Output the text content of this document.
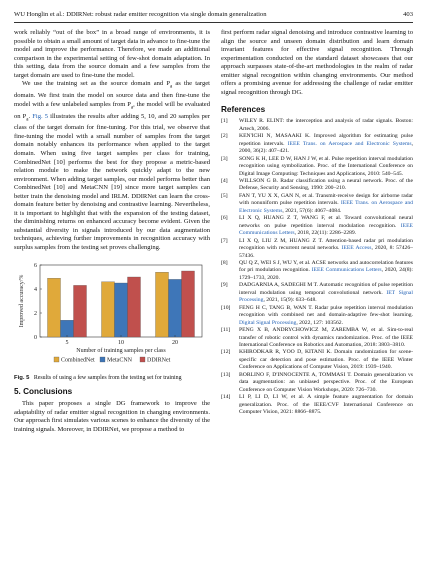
WU Honglin et al.: DDIRNet: robust radar emitter recognition via single domain generalization	403

work reliably “out of the box” in a broad range of environments, it is possible to obtain a small amount of target data in advance to fine-tune the model and improve the performance. Therefore, we made an additional comparison in the experimental setting of few-shot domain adaptation. In this setting, data from the source domain and a few samples from the target domain are used to fine-tune the model.

We use the training set as the source domain and $P_a$ as the target domain. We first train the model on source data and then fine-tune the model with a few unlabeled samples from $P_a$, the model will be evaluated on $P_a$. Fig. 5 illustrates the results after adding 5, 10, and 20 samples per class of the target domain for fine-tuning. For this trial, we observe that fine-tuning the model with a small number of samples from the target domain notably enhances its performance when applied to the target domain. When using five target samples per class for training, CombinedNet [10] performs the best for they propose a metric-based relation module to make the network quickly adapt to the new environment. When adding target samples, our model performs better than CombinedNet [10] and MetaCNN [19] since more target samples can better train the denoising model and IRLM. DDIRNet can learn the cross-domain feature better by denoising and contrastive learning. Nevertheless, it is important to highlight that with the expansion of the testing dataset, the diminishing returns on enhanced accuracy become evident. Given the substantial diversity in signals introduced by our data augmentation techniques, achieving further improvements in recognition accuracy with surplus samples from the testing set proves challenging.

0
2
4
6
Improved accuracy/%
5	10	20
Number of training samples per class
CombinedNet MetaCNN	DDIRNet
Fig. 5 Results of using a few samples from the testing set for training
5. Conclusions

This paper proposes a single DG framework to improve the adaptability of radar emitter signal recognition in changing environments. Our approach first simulates various scenes to enhance the diversity of the training signals. Moreover, in DDIRNet, we propose a method to

first perform radar signal denoising and introduce contrastive learning to align the source and unseen domain distribution and learn domain invariant features for effective signal recognition. Through experimentation conducted on the standard dataset showcases that our approach surpasses state-of-the-art methodologies in the realm of radar emitter signal recognition within changing environments. Our method offers a promising avenue for addressing the challenge of radar emitter signal recognition through DG.

References
[1] WILEY R. ELINT: the interception and analysis of radar signals. Boston: Artech, 2006.
[2] KEN'ICHI N, MASAAKI K. Improved algorithm for estimating pulse repetition intervals. IEEE Trans. on Aerospace and Electronic Systems, 2000, 36(2): 407–421.
[3] SONG K H, LEE D W, HAN J W, et al. Pulse repetition interval modulation recognition using symbolization. Proc. of the International Conference on Digital Image Computing: Techniques and Applications, 2010: 540–545.
[4] WILLSON G B. Radar classification using a neural network. Proc. of the Defense, Security and Sensing, 1990: 200–210.
[5] FAN T, YU X X, GAN N, et al. Transmit-receive design for airborne radar with nonuniform pulse repetition intervals. IEEE Trans. on Aerospace and Electronic Systems, 2021, 57(6): 4067–4084.
[6] LI X Q, HUANG Z T, WANG F, et al. Toward convolutional neural networks on pulse repetition interval modulation recognition. IEEE Communications Letters, 2018, 22(11): 2286–2289.
[7] LI X Q, LIU Z M, HUANG Z T. Attention-based radar pri modulation recognition with recurrent neural networks. IEEE Access, 2020, 8: 57426–57436.
[8] QU Q Z, WEI S J, WU Y, et al. ACSE networks and autocorrelation features for pri modulation recognition. IEEE Communications Letters, 2020, 24(8): 1729–1733, 2020.
[9] DADGARNIA A, SADEGHI M T. Automatic recognition of pulse repetition interval modulation using temporal convolutional network. IET Signal Processing, 2021, 15(9): 633–648.
[10] FENG H C, TANG B, WAN T. Radar pulse repetition interval modulation recognition with combined net and domain-adaptive few-shot learning. Digital Signal Processing, 2022, 127: 103562.
[11] PENG X B, ANDRYCHOWICZ M, ZAREMBA W, et al. Sim-to-real transfer of robotic control with dynamics randomization. Proc. of the IEEE International Conference on Robotics and Automation, 2018: 3803–3810.
[12] KHIRODKAR R, YOO D, KITANI K. Domain randomization for scene-specific car detection and pose estimation. Proc. of the IEEE Winter Conference on Applications of Computer Vision, 2019: 1939–1940.
[13] BORLINO F, D'INNOCENTE A, TOMMASI T. Domain generalization vs data augmentation: an unbiased perspective. Proc. of the European Conference on Computer Vision Workshops, 2020: 726–730.
[14] LI P, LI D, LI W, et al. A simple feature augmentation for domain generalization. Proc. of the IEEE/CVF International Conference on Computer Vision, 2021: 8866–8875.
